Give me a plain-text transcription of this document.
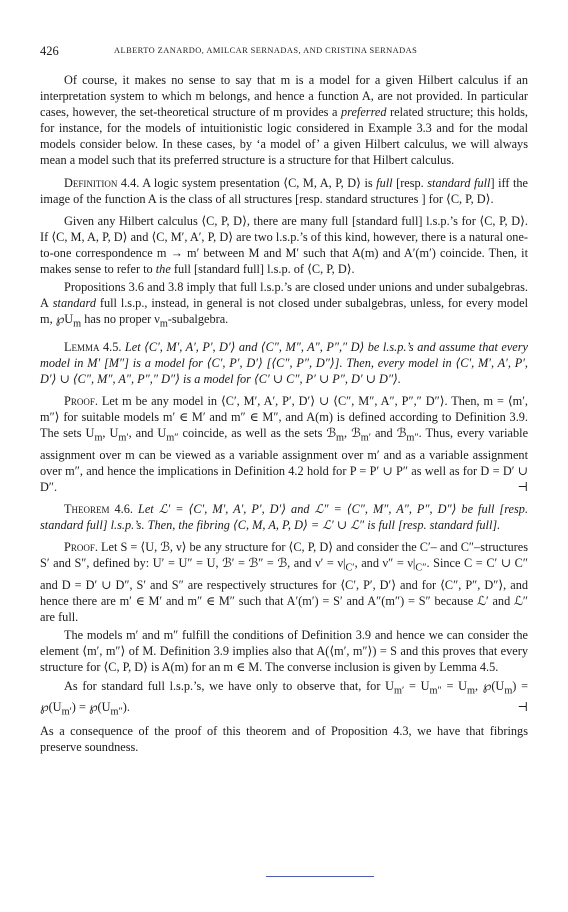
426	ALBERTO ZANARDO, AMILCAR SERNADAS, AND CRISTINA SERNADAS

Of course, it makes no sense to say that m is a model for a given Hilbert calculus if an interpretation system to which m belongs, and hence a function A, are not provided. In particular cases, however, the set-theoretical structure of m provides a preferred related structure; this holds, for instance, for the models of intuitionistic logic considered in Example 3.3 and for the modal models consider below. In these cases, by ‘a model of’ a given Hilbert calculus, we will always mean a model such that its preferred structure is a structure for that Hilbert calculus.

Definition 4.4. A logic system presentation ⟨C, M, A, P, D⟩ is full [resp. standard full] iff the image of the function A is the class of all structures [resp. standard structures ] for ⟨C, P, D⟩.

Given any Hilbert calculus ⟨C, P, D⟩, there are many full [standard full] l.s.p.’s for ⟨C, P, D⟩. If ⟨C, M, A, P, D⟩ and ⟨C, M′, A′, P, D⟩ are two l.s.p.’s of this kind, however, there is a natural one-to-one correspondence m → m′ between M and M′ such that A(m) and A′(m′) coincide. Then, it makes sense to refer to the full [standard full] l.s.p. of ⟨C, P, D⟩.

Propositions 3.6 and 3.8 imply that full l.s.p.’s are closed under unions and under subalgebras. A standard full l.s.p., instead, in general is not closed under subalgebras, unless, for every model m, $℘U_m$ has no proper $\nu_m$-subalgebra.

Lemma 4.5. Let ⟨C′, M′, A′, P′, D′⟩ and ⟨C″, M″, A″, P″,″ D⟩ be l.s.p.’s and assume that every model in M′ [M″] is a model for ⟨C′, P′, D′⟩ [⟨C″, P″, D″⟩]. Then, every model in ⟨C′, M′, A′, P′, D′⟩ ∪ ⟨C″, M″, A″, P″,″ D″⟩ is a model for ⟨C′ ∪ C″, P′ ∪ P″, D′ ∪ D″⟩.

Proof. Let m be any model in ⟨C′, M′, A′, P′, D′⟩ ∪ ⟨C″, M″, A″, P″,″ D″⟩. Then, m = ⟨m′, m″⟩ for suitable models m′ ∈ M′ and m″ ∈ M″, and A(m) is defined according to Definition 3.9. The sets $U_m$, $U_{m'}$, and $U_{m''}$ coincide, as well as the sets ℬ$_m$, ℬ$_{m'}$ and ℬ$_{m''}$. Thus, every variable assignment over m can be viewed as a variable assignment over m′ and as a variable assignment over m″, and hence the implications in Definition 4.2 hold for P = P′ ∪ P″ as well as for D = D′ ∪ D″.	⊣

Theorem 4.6. Let ℒ′ = ⟨C′, M′, A′, P′, D′⟩ and ℒ″ = ⟨C″, M″, A″, P″, D″⟩ be full [resp. standard full] l.s.p.’s. Then, the fibring ⟨C, M, A, P, D⟩ = ℒ′ ∪ ℒ″ is full [resp. standard full].

Proof. Let S = ⟨U, ℬ, ν⟩ be any structure for ⟨C, P, D⟩ and consider the C′– and C″–structures S′ and S″, defined by: U′ = U″ = U, ℬ′ = ℬ″ = ℬ, and $\nu' = \nu|_{C'}$, and $\nu'' = \nu|_{C''}$. Since C = C′ ∪ C″ and D = D′ ∪ D″, S′ and S″ are respectively structures for ⟨C′, P′, D′⟩ and for ⟨C″, P″, D″⟩, and hence there are m′ ∈ M′ and m″ ∈ M″ such that A′(m′) = S′ and A″(m″) = S″ because ℒ′ and ℒ″ are full.

The models m′ and m″ fulfill the conditions of Definition 3.9 and hence we can consider the element ⟨m′, m″⟩ of M. Definition 3.9 implies also that A(⟨m′, m″⟩) = S and this proves that every structure for ⟨C, P, D⟩ is A(m) for an m ∈ M. The converse inclusion is given by Lemma 4.5.

As for standard full l.s.p.’s, we have only to observe that, for $U_{m'} = U_{m''} = U_m$, $℘(U_m)$ = $℘(U_{m'})$ = $℘(U_{m''})$.	⊣

As a consequence of the proof of this theorem and of Proposition 4.3, we have that fibrings preserve soundness.
